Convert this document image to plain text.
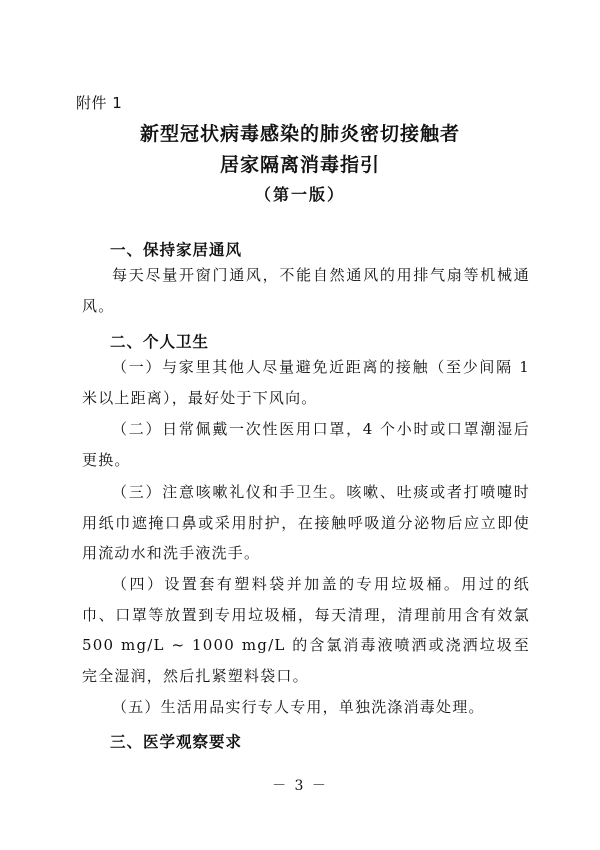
附件 1
新型冠状病毒感染的肺炎密切接触者
居家隔离消毒指引
（第一版）
一、保持家居通风
每天尽量开窗门通风，不能自然通风的用排气扇等机械通风。
二、个人卫生
（一）与家里其他人尽量避免近距离的接触（至少间隔 1 米以上距离），最好处于下风向。
（二）日常佩戴一次性医用口罩，4 个小时或口罩潮湿后更换。
（三）注意咳嗽礼仪和手卫生。咳嗽、吐痰或者打喷嚏时用纸巾遮掩口鼻或采用肘护，在接触呼吸道分泌物后应立即使用流动水和洗手液洗手。
（四）设置套有塑料袋并加盖的专用垃圾桶。用过的纸巾、口罩等放置到专用垃圾桶，每天清理，清理前用含有效氯 500 mg/L ~ 1000 mg/L 的含氯消毒液喷洒或浇洒垃圾至完全湿润，然后扎紧塑料袋口。
（五）生活用品实行专人专用，单独洗涤消毒处理。
三、医学观察要求
－ 3 －
